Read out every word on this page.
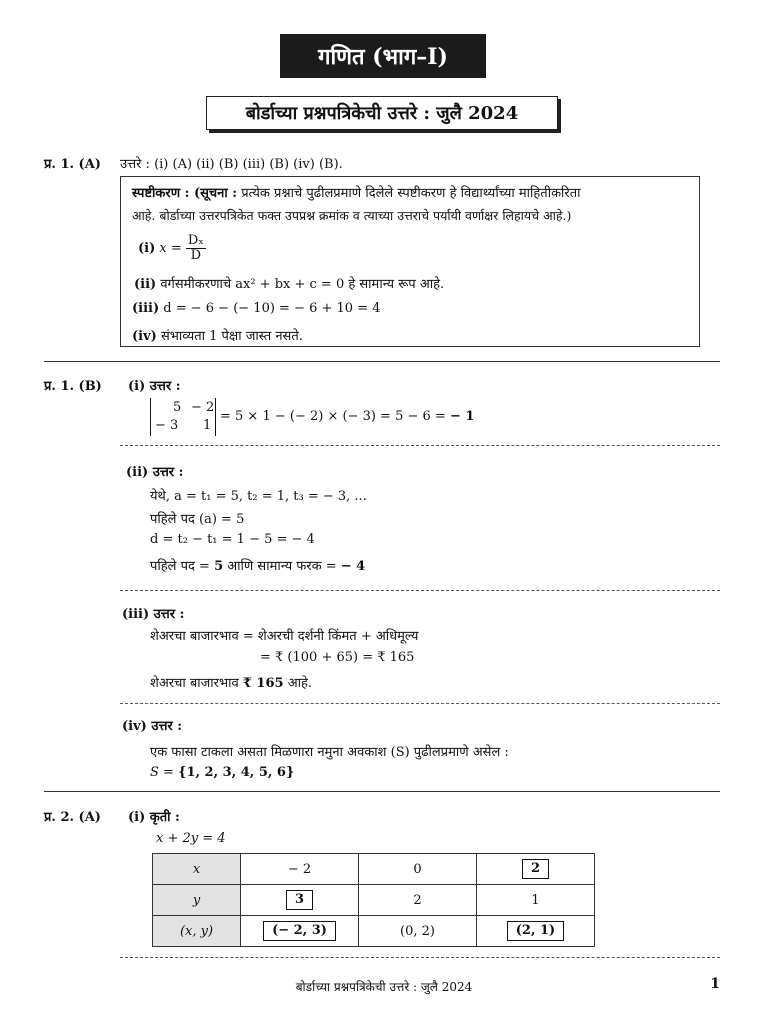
गणित (भाग–I)
बोर्डाच्या प्रश्नपत्रिकेची उत्तरे : जुलै 2024
प्र. 1. (A) उत्तरे : (i) (A) (ii) (B) (iii) (B) (iv) (B).
स्पष्टीकरण : (सूचना : प्रत्येक प्रश्नाचे पुढीलप्रमाणे दिलेले स्पष्टीकरण हे विद्यार्थ्यांच्या माहितीकरिता
आहे. बोर्डाच्या उत्तरपत्रिकेत फक्त उपप्रश्न क्रमांक व त्याच्या उत्तराचे पर्यायी वर्णाक्षर लिहायचे आहे.)
(i) $x = \frac{\text{Dₓ}}{D}$
(ii) वर्गसमीकरणाचे ax² + bx + c = 0 हे सामान्य रूप आहे.
(iii) d = − 6 − (− 10) = − 6 + 10 = 4
(iv) संभाव्यता 1 पेक्षा जास्त नसते.
प्र. 1. (B) (i) उत्तर :
5 − 2
− 3 1
= 5 × 1 − (− 2) × (− 3) = 5 − 6 = − 1
(ii) उत्तर :
येथे, a = t₁ = 5, t₂ = 1, t₃ = − 3, ...
पहिले पद (a) = 5
d = t₂ − t₁ = 1 − 5 = − 4
पहिले पद = 5 आणि सामान्य फरक = − 4
(iii) उत्तर :
शेअरचा बाजारभाव = शेअरची दर्शनी किंमत + अधिमूल्य
= ₹ (100 + 65) = ₹ 165
शेअरचा बाजारभाव ₹ 165 आहे.
(iv) उत्तर :
एक फासा टाकला असता मिळणारा नमुना अवकाश (S) पुढीलप्रमाणे असेल :
S = {1, 2, 3, 4, 5, 6}
प्र. 2. (A) (i) कृती :
x + 2y = 4
x	− 2	0	2
y	3	2	1
(x, y)	(− 2, 3)	(0, 2)	(2, 1)
बोर्डाच्या प्रश्नपत्रिकेची उत्तरे : जुलै 2024	1
